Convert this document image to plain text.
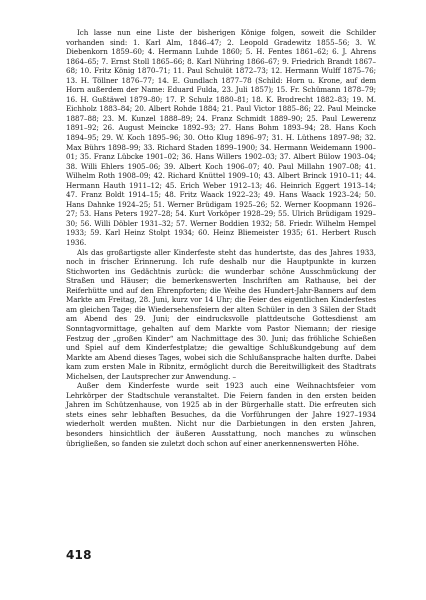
Ich lasse nun eine Liste der bisherigen Könige folgen, soweit die Schilder vorhanden sind: 1. Karl Alm, 1846–47; 2. Leopold Gradewitz 1855–56; 3. W. Diebenkorn 1859–60; 4. Hermann Luhde 1860; 5. H. Fentes 1861–62; 6. J. Ahrens 1864–65; 7. Ernst Stoll 1865–66; 8. Karl Nühring 1866–67; 9. Friedrich Brandt 1867–68; 10. Fritz König 1870–71; 11. Paul Schulöt 1872–73; 12. Hermann Wulff 1875–76; 13. H. Töllner 1876–77; 14. E. Gundlach 1877–78 (Schild: Horn u. Krone, auf dem Horn außerdem der Name: Eduard Fulda, 23. Juli 1857); 15. Fr. Schümann 1878–79; 16. H. Gußtäwel 1879–80; 17. P. Schulz 1880–81; 18. K. Brodrecht 1882–83; 19. M. Eichholz 1883–84; 20. Albert Rohde 1884; 21. Paul Victor 1885–86; 22. Paul Meincke 1887–88; 23. M. Kunzel 1888–89; 24. Franz Schmidt 1889–90; 25. Paul Lewerenz 1891–92; 26. August Meincke 1892–93; 27. Hans Bohm 1893–94; 28. Hans Koch 1894–95; 29. W. Koch 1895–96; 30. Otto Klug 1896–97; 31. H. Lüthens 1897–98; 32. Max Bührs 1898–99; 33. Richard Staden 1899–1900; 34. Hermann Weidemann 1900–01; 35. Franz Lübcke 1901–02; 36. Hans Willers 1902–03; 37. Albert Bülow 1903–04; 38. Willi Ehlers 1905–06; 39. Albert Koch 1906–07; 40. Paul Millahn 1907–08; 41. Wilhelm Roth 1908–09; 42. Richard Knüttel 1909–10; 43. Albert Brinck 1910–11; 44. Hermann Hauth 1911–12; 45. Erich Weber 1912–13; 46. Heinrich Eggert 1913–14; 47. Franz Boldt 1914–15; 48. Fritz Waack 1922–23; 49. Hans Waack 1923–24; 50. Hans Dahnke 1924–25; 51. Werner Brüdigam 1925–26; 52. Werner Koopmann 1926–27; 53. Hans Peters 1927–28; 54. Kurt Vorköper 1928–29; 55. Ulrich Brüdigam 1929–30; 56. Willi Döbler 1931–32; 57. Werner Boddien 1932; 58. Friedr. Wilhelm Hempel 1933; 59. Karl Heinz Stolpt 1934; 60. Heinz Bliemeister 1935; 61. Herbert Rusch 1936.

Als das großartigste aller Kinderfeste steht das hundertste, das des Jahres 1933, noch in frischer Erinnerung. Ich rufe deshalb nur die Hauptpunkte in kurzen Stichworten ins Gedächtnis zurück: die wunderbar schöne Ausschmückung der Straßen und Häuser; die bemerkenswerten Inschriften am Rathause, bei der Reiferhütte und auf den Ehrenpforten; die Weihe des Hundert-Jahr-Banners auf dem Markte am Freitag, 28. Juni, kurz vor 14 Uhr; die Feier des eigentlichen Kinderfestes am gleichen Tage; die Wiedersehensfeiern der alten Schüler in den 3 Sälen der Stadt am Abend des 29. Juni; der eindrucksvolle plattdeutsche Gottesdienst am Sonntagvormittage, gehalten auf dem Markte vom Pastor Niemann; der riesige Festzug der „großen Kinder“ am Nachmittage des 30. Juni; das fröhliche Schießen und Spiel auf dem Kinderfestplatze; die gewaltige Schlußkundgebung auf dem Markte am Abend dieses Tages, wobei sich die Schlußansprache halten durfte. Dabei kam zum ersten Male in Ribnitz, ermöglicht durch die Bereitwilligkeit des Stadtrats Michelsen, der Lautsprecher zur Anwendung. –

Außer dem Kinderfeste wurde seit 1923 auch eine Weihnachtsfeier vom Lehrkörper der Stadtschule veranstaltet. Die Feiern fanden in den ersten beiden Jahren im Schützenhause, von 1925 ab in der Bürgerhalle statt. Die erfreuten sich stets eines sehr lebhaften Besuches, da die Vorführungen der Jahre 1927–1934 wiederholt werden mußten. Nicht nur die Darbietungen in den ersten Jahren, besonders hinsichtlich der äußeren Ausstattung, noch manches zu wünschen übrigließen, so fanden sie zuletzt doch schon auf einer anerkennenswerten Höhe.

418
